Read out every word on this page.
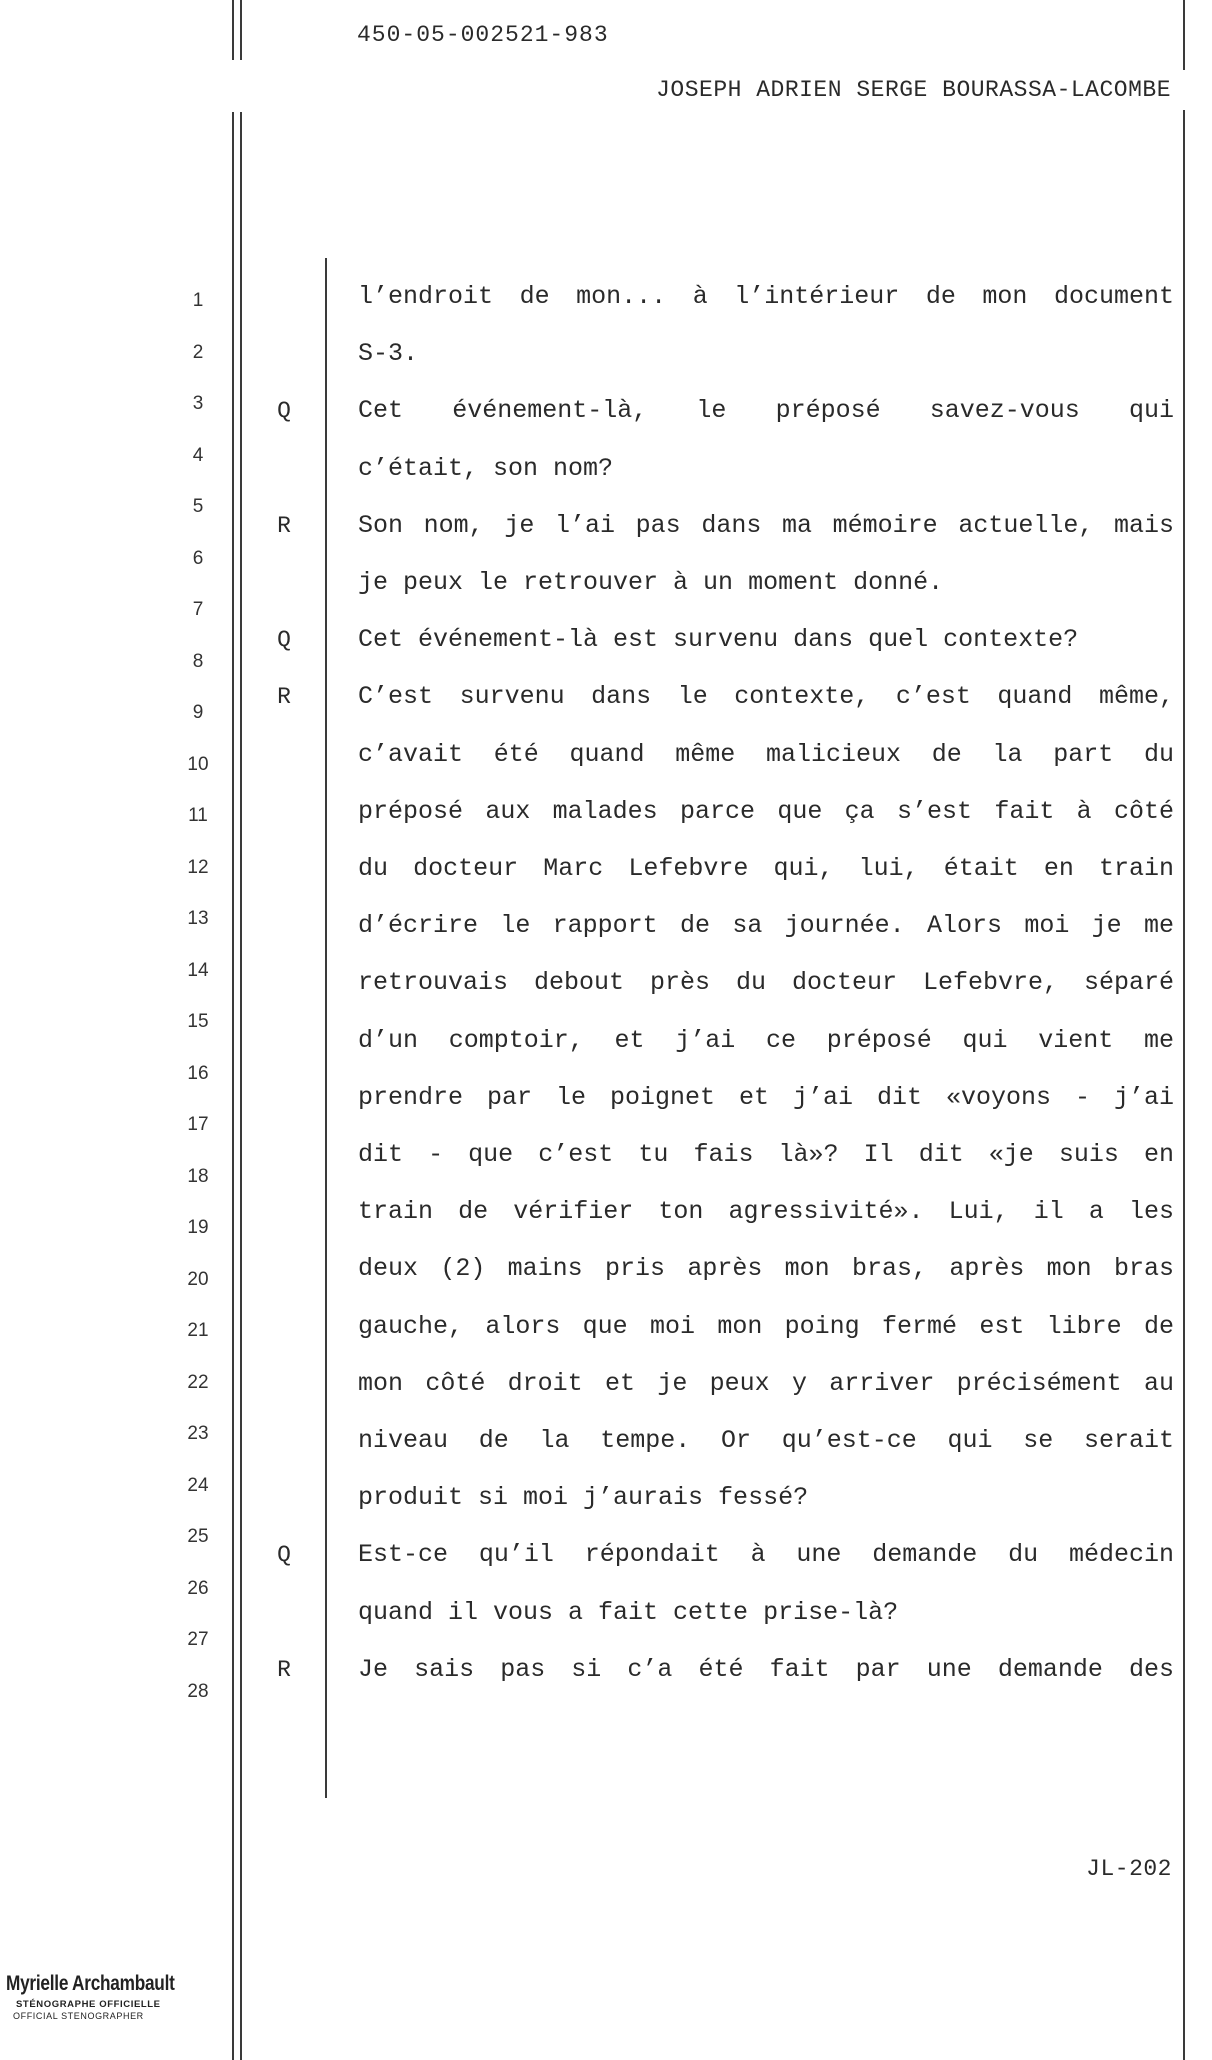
450-05-002521-983
JOSEPH ADRIEN SERGE BOURASSA-LACOMBE
1
2
3
4
5
6
7
8
9
10
11
12
13
14
15
16
17
18
19
20
21
22
23
24
25
26
27
28
l’endroit de mon... à l’intérieur de mon document
S-3.
Q	Cet événement-là, le préposé savez-vous qui
c’était, son nom?
R	Son nom, je l’ai pas dans ma mémoire actuelle, mais
je peux le retrouver à un moment donné.
Q	Cet événement-là est survenu dans quel contexte?
R	C’est survenu dans le contexte, c’est quand même,
c’avait été quand même malicieux de la part du
préposé aux malades parce que ça s’est fait à côté
du docteur Marc Lefebvre qui, lui, était en train
d’écrire le rapport de sa journée. Alors moi je me
retrouvais debout près du docteur Lefebvre, séparé
d’un comptoir, et j’ai ce préposé qui vient me
prendre par le poignet et j’ai dit «voyons - j’ai
dit - que c’est tu fais là»? Il dit «je suis en
train de vérifier ton agressivité». Lui, il a les
deux (2) mains pris après mon bras, après mon bras
gauche, alors que moi mon poing fermé est libre de
mon côté droit et je peux y arriver précisément au
niveau de la tempe. Or qu’est-ce qui se serait
produit si moi j’aurais fessé?
Q	Est-ce qu’il répondait à une demande du médecin
quand il vous a fait cette prise-là?
R	Je sais pas si c’a été fait par une demande des
JL-202
Myrielle Archambault
STÉNOGRAPHE OFFICIELLE
OFFICIAL STENOGRAPHER
